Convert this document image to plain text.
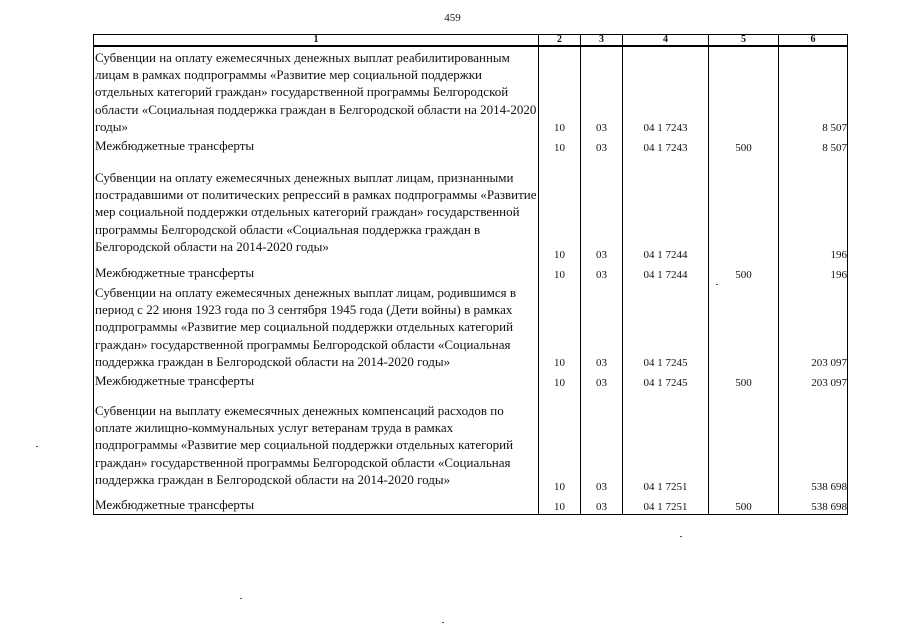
459
1	2	3	4	5	6
Субвенции на оплату ежемесячных денежных выплат реабилитированным лицам в рамках подпрограммы «Развитие мер социальной поддержки отдельных категорий граждан» государственной программы Белгородской области «Социальная поддержка граждан в Белгородской области на 2014-2020 годы»	10	03	04 1 7243		8 507
Межбюджетные трансферты	10	03	04 1 7243	500	8 507
Субвенции на оплату ежемесячных денежных выплат лицам, признанными пострадавшими от политических репрессий в рамках подпрограммы «Развитие мер социальной поддержки отдельных категорий граждан» государственной программы Белгородской области «Социальная поддержка граждан в Белгородской области на 2014-2020 годы»	10	03	04 1 7244		196
Межбюджетные трансферты	10	03	04 1 7244	500	196
Субвенции на оплату ежемесячных денежных выплат лицам, родившимся в период с 22 июня 1923 года по 3 сентября 1945 года (Дети войны) в рамках подпрограммы «Развитие мер социальной поддержки отдельных категорий граждан» государственной программы Белгородской области «Социальная поддержка граждан в Белгородской области на 2014-2020 годы»	10	03	04 1 7245		203 097
Межбюджетные трансферты	10	03	04 1 7245	500	203 097
Субвенции на выплату ежемесячных денежных компенсаций расходов по оплате жилищно-коммунальных услуг ветеранам труда в рамках подпрограммы «Развитие мер социальной поддержки отдельных категорий граждан» государственной программы Белгородской области «Социальная поддержка граждан в Белгородской области на 2014-2020 годы»	10	03	04 1 7251		538 698
Межбюджетные трансферты	10	03	04 1 7251	500	538 698
